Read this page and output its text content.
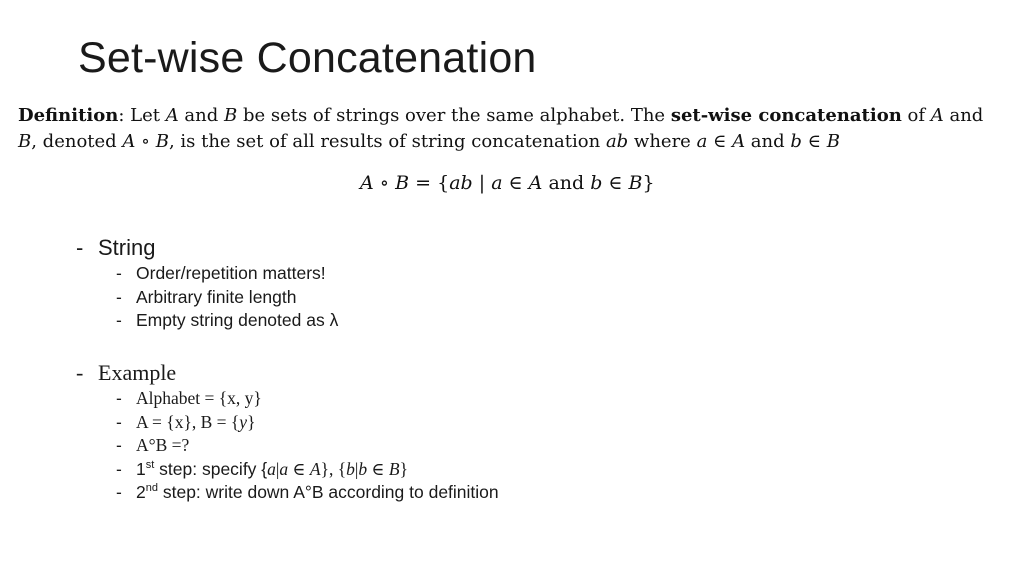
Set-wise Concatenation
Definition: Let A and B be sets of strings over the same alphabet. The set-wise concatenation of A and
B, denoted A ∘ B, is the set of all results of string concatenation ab where a ∈ A and b ∈ B
A ∘ B = {ab | a ∈ A and b ∈ B}
- String
- Order/repetition matters!
- Arbitrary finite length
- Empty string denoted as λ
- Example
- Alphabet = {x, y}
- A = {x}, B = {y}
- A°B =?
- 1st step: specify {a|a ∈ A}, {b|b ∈ B}
- 2nd step: write down A°B according to definition
